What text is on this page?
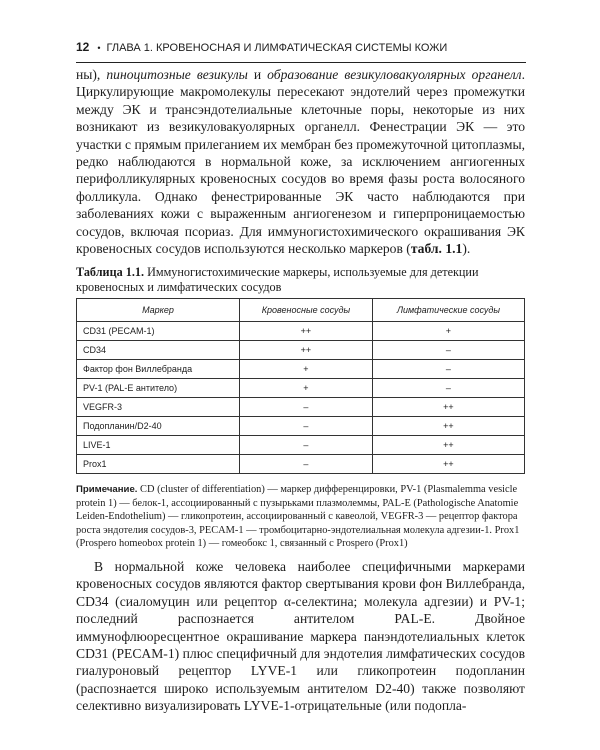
12 • ГЛАВА 1. КРОВЕНОСНАЯ И ЛИМФАТИЧЕСКАЯ СИСТЕМЫ КОЖИ
ны), пиноцитозные везикулы и образование везикуловакуолярных органелл. Циркулирующие макромолекулы пересекают эндотелий через промежутки между ЭК и трансэндотелиальные клеточные поры, некоторые из них возникают из везикуловакуолярных органелл. Фенестрации ЭК — это участки с прямым прилеганием их мембран без промежуточной цитоплазмы, редко наблюдаются в нормальной коже, за исключением ангиогенных перифолликулярных кровеносных сосудов во время фазы роста волосяного фолликула. Однако фенестрированные ЭК часто наблюдаются при заболеваниях кожи с выраженным ангиогенезом и гиперпроницаемостью сосудов, включая псориаз. Для иммуногистохимического окрашивания ЭК кровеносных сосудов используются несколько маркеров (табл. 1.1).
Таблица 1.1. Иммуногистохимические маркеры, используемые для детекции кровеносных и лимфатических сосудов
Маркер	Кровеносные сосуды	Лимфатические сосуды
CD31 (PECAM-1)	++	+
CD34	++	–
Фактор фон Виллебранда	+	–
PV-1 (PAL-E антитело)	+	–
VEGFR-3	–	++
Подопланин/D2-40	–	++
LIVE-1	–	++
Prox1	–	++
Примечание. CD (cluster of differentiation) — маркер дифференцировки, PV-1 (Plasmalemma vesicle protein 1) — белок-1, ассоциированный с пузырьками плазмолеммы, PAL-E (Pathologische Anatomie Leiden-Endothelium) — гликопротеин, ассоциированный с кавеолой, VEGFR-3 — рецептор фактора роста эндотелия сосудов-3, PECAM-1 — тромбоцитарно-эндотелиальная молекула адгезии-1. Prox1 (Prospero homeobox protein 1) — гомеобокс 1, связанный с Prospero (Prox1)
В нормальной коже человека наиболее специфичными маркерами кровеносных сосудов являются фактор свертывания крови фон Виллебранда, CD34 (сиаломуцин или рецептор α-селектина; молекула адгезии) и PV-1; последний распознается антителом PAL-E. Двойное иммунофлюоресцентное окрашивание маркера панэндотелиальных клеток CD31 (PECAM-1) плюс специфичный для эндотелия лимфатических сосудов гиалуроновый рецептор LYVE-1 или гликопротеин подопланин (распознается широко используемым антителом D2-40) также позволяют селективно визуализировать LYVE-1-отрицательные (или подопла-
